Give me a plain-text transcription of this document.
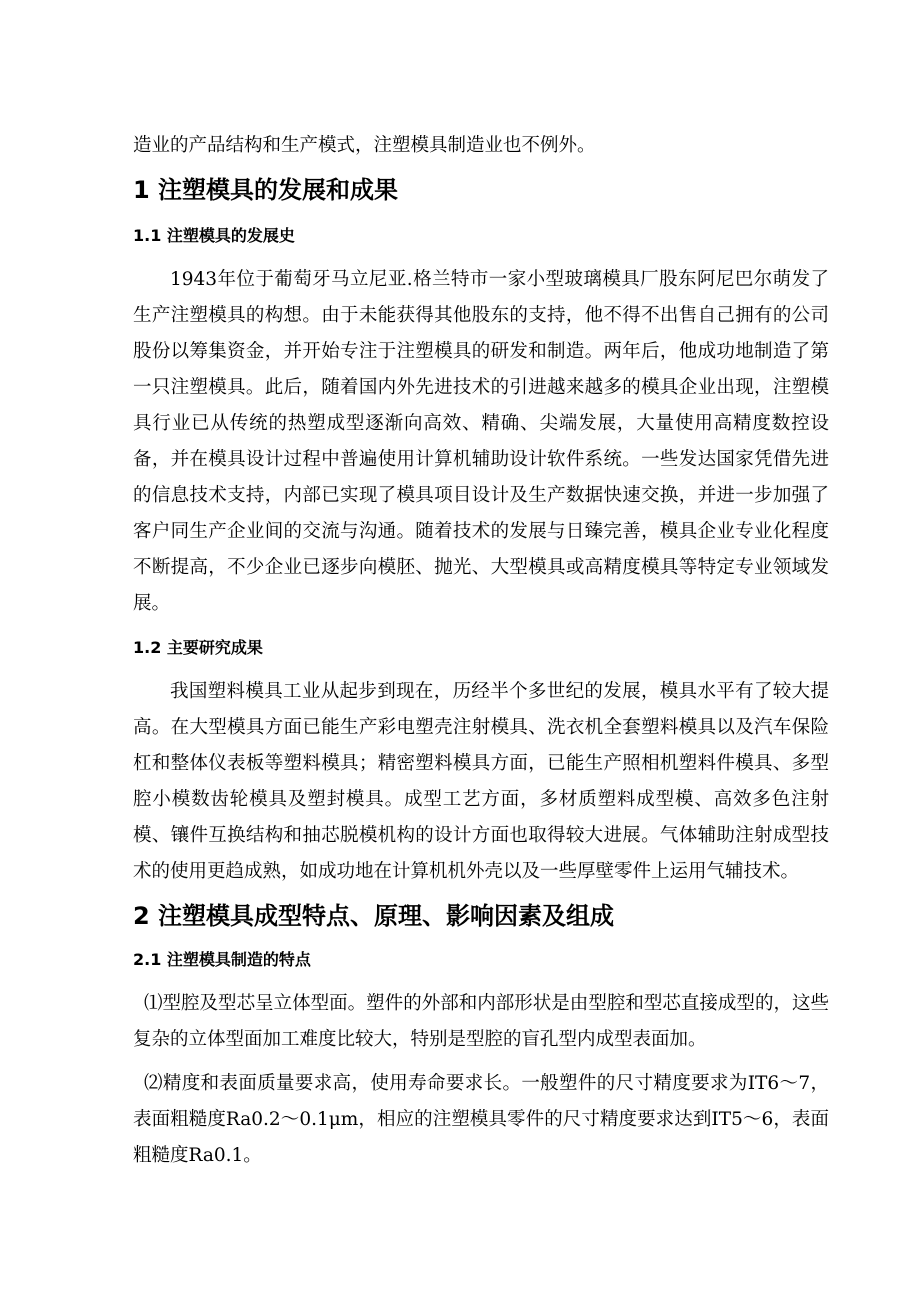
造业的产品结构和生产模式，注塑模具制造业也不例外。

1 注塑模具的发展和成果
1.1 注塑模具的发展史

1943年位于葡萄牙马立尼亚.格兰特市一家小型玻璃模具厂股东阿尼巴尔萌发了生产注塑模具的构想。由于未能获得其他股东的支持，他不得不出售自己拥有的公司股份以筹集资金，并开始专注于注塑模具的研发和制造。两年后，他成功地制造了第一只注塑模具。此后，随着国内外先进技术的引进越来越多的模具企业出现，注塑模具行业已从传统的热塑成型逐渐向高效、精确、尖端发展，大量使用高精度数控设备，并在模具设计过程中普遍使用计算机辅助设计软件系统。一些发达国家凭借先进的信息技术支持，内部已实现了模具项目设计及生产数据快速交换，并进一步加强了客户同生产企业间的交流与沟通。随着技术的发展与日臻完善，模具企业专业化程度不断提高，不少企业已逐步向模胚、抛光、大型模具或高精度模具等特定专业领域发展。

1.2 主要研究成果

我国塑料模具工业从起步到现在，历经半个多世纪的发展，模具水平有了较大提高。在大型模具方面已能生产彩电塑壳注射模具、洗衣机全套塑料模具以及汽车保险杠和整体仪表板等塑料模具；精密塑料模具方面，已能生产照相机塑料件模具、多型腔小模数齿轮模具及塑封模具。成型工艺方面，多材质塑料成型模、高效多色注射模、镶件互换结构和抽芯脱模机构的设计方面也取得较大进展。气体辅助注射成型技术的使用更趋成熟，如成功地在计算机机外壳以及一些厚壁零件上运用气辅技术。

2 注塑模具成型特点、原理、影响因素及组成
2.1 注塑模具制造的特点

⑴型腔及型芯呈立体型面。塑件的外部和内部形状是由型腔和型芯直接成型的，这些复杂的立体型面加工难度比较大，特别是型腔的盲孔型内成型表面加。

⑵精度和表面质量要求高，使用寿命要求长。一般塑件的尺寸精度要求为IT6～7，表面粗糙度Ra0.2～0.1μm，相应的注塑模具零件的尺寸精度要求达到IT5～6，表面粗糙度Ra0.1。
